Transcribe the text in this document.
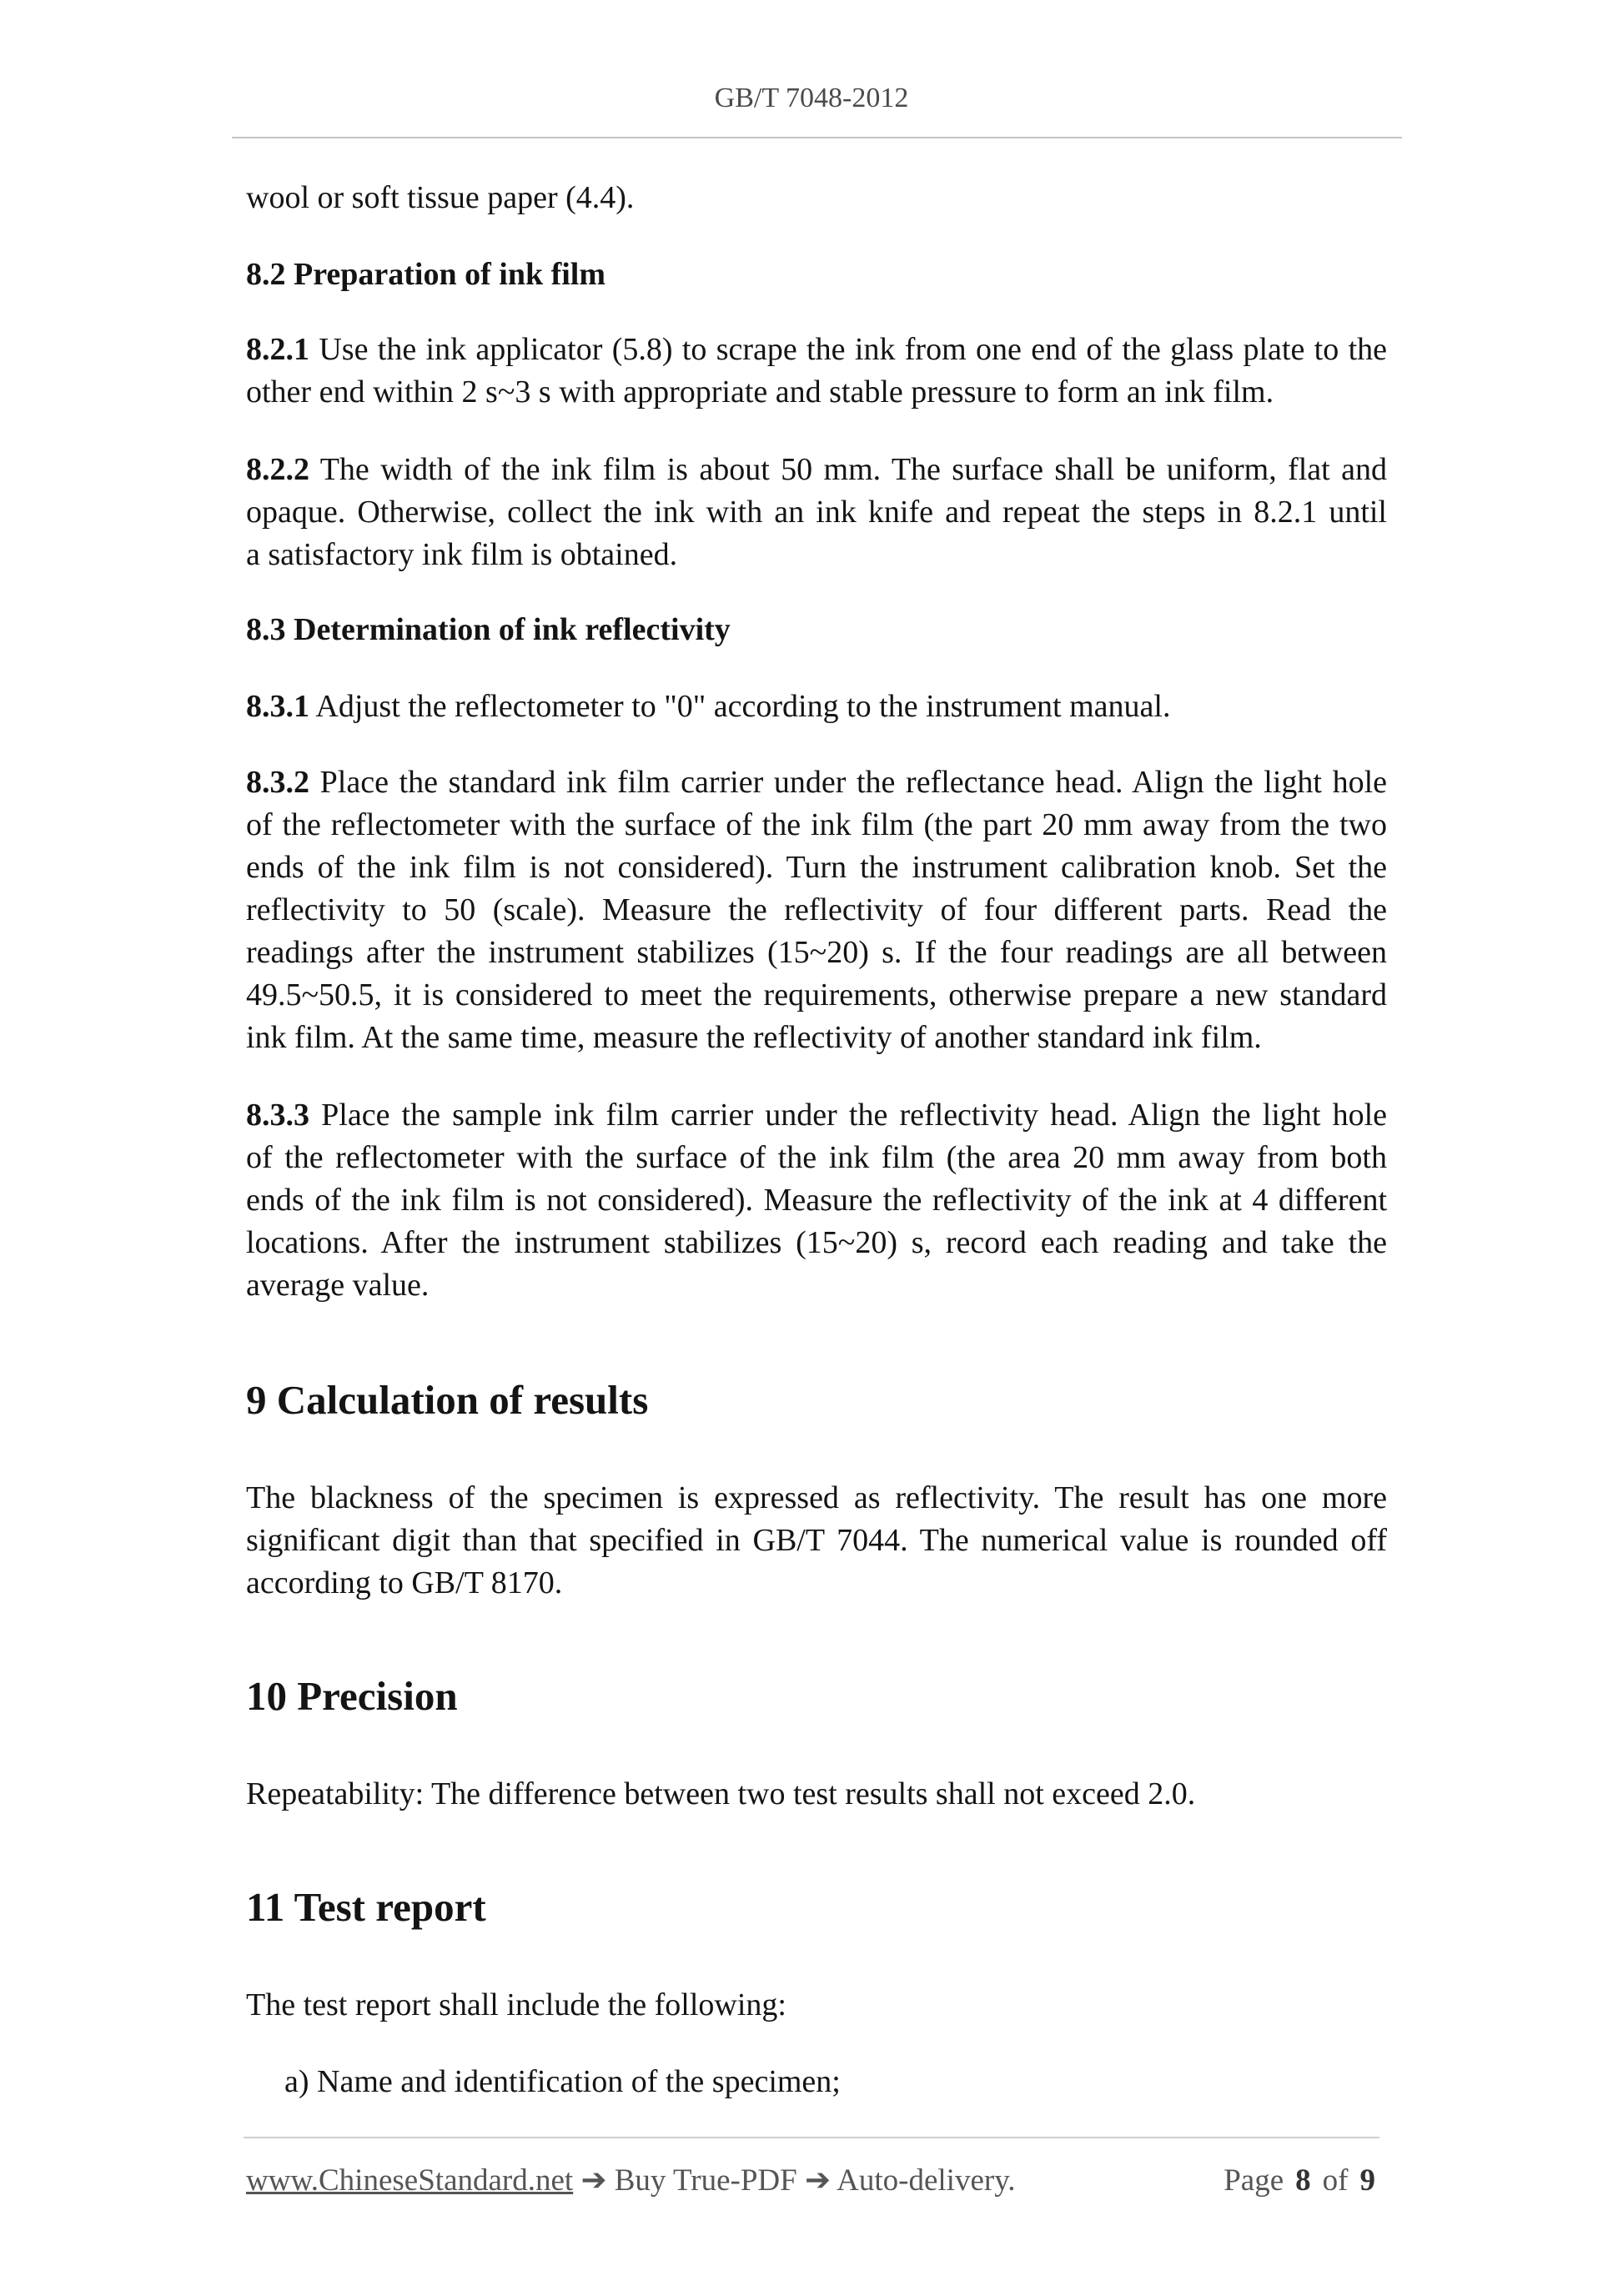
GB/T 7048-2012
wool or soft tissue paper (4.4).
8.2 Preparation of ink film
8.2.1 Use the ink applicator (5.8) to scrape the ink from one end of the glass plate to the
other end within 2 s~3 s with appropriate and stable pressure to form an ink film.
8.2.2 The width of the ink film is about 50 mm. The surface shall be uniform, flat and
opaque. Otherwise, collect the ink with an ink knife and repeat the steps in 8.2.1 until
a satisfactory ink film is obtained.
8.3 Determination of ink reflectivity
8.3.1 Adjust the reflectometer to "0" according to the instrument manual.
8.3.2 Place the standard ink film carrier under the reflectance head. Align the light hole
of the reflectometer with the surface of the ink film (the part 20 mm away from the two
ends of the ink film is not considered). Turn the instrument calibration knob. Set the
reflectivity to 50 (scale). Measure the reflectivity of four different parts. Read the
readings after the instrument stabilizes (15~20) s. If the four readings are all between
49.5~50.5, it is considered to meet the requirements, otherwise prepare a new standard
ink film. At the same time, measure the reflectivity of another standard ink film.
8.3.3 Place the sample ink film carrier under the reflectivity head. Align the light hole
of the reflectometer with the surface of the ink film (the area 20 mm away from both
ends of the ink film is not considered). Measure the reflectivity of the ink at 4 different
locations. After the instrument stabilizes (15~20) s, record each reading and take the
average value.
9 Calculation of results
The blackness of the specimen is expressed as reflectivity. The result has one more
significant digit than that specified in GB/T 7044. The numerical value is rounded off
according to GB/T 8170.
10 Precision
Repeatability: The difference between two test results shall not exceed 2.0.
11 Test report
The test report shall include the following:
a) Name and identification of the specimen;
www.ChineseStandard.net ➔ Buy True-PDF ➔ Auto-delivery.	Page 8 of 9
